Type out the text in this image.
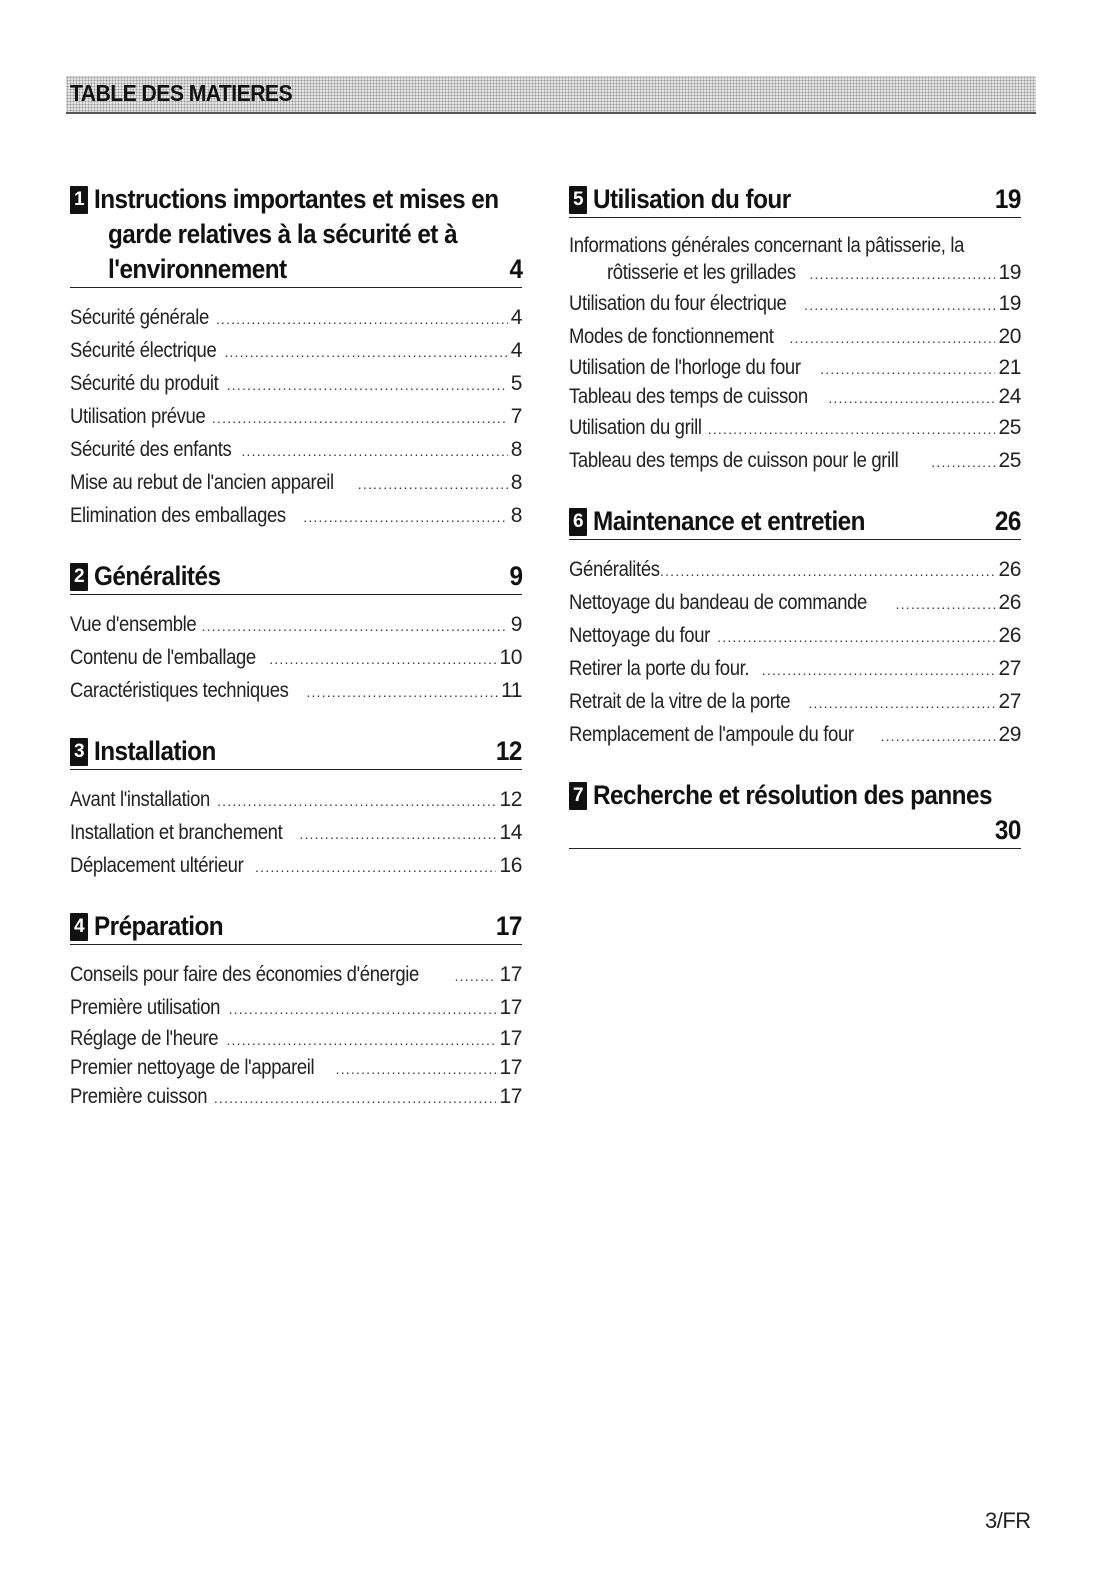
TABLE DES MATIERES
1 Instructions importantes et mises en
garde relatives à la sécurité et à
l'environnement	4
Sécurité générale .....	4
Sécurité électrique .....	4
Sécurité du produit .....	5
Utilisation prévue .....	7
Sécurité des enfants .....	8
Mise au rebut de l'ancien appareil .....	8
Elimination des emballages .....	8
2 Généralités	9
Vue d'ensemble .....	9
Contenu de l'emballage .....	10
Caractéristiques techniques .....	11
3 Installation	12
Avant l'installation .....	12
Installation et branchement .....	14
Déplacement ultérieur .....	16
4 Préparation	17
Conseils pour faire des économies d'énergie .....	17
Première utilisation .....	17
Réglage de l'heure .....	17
Premier nettoyage de l'appareil .....	17
Première cuisson .....	17
5 Utilisation du four	19
Informations générales concernant la pâtisserie, la
rôtisserie et les grillades .....	19
Utilisation du four électrique .....	19
Modes de fonctionnement .....	20
Utilisation de l'horloge du four .....	21
Tableau des temps de cuisson .....	24
Utilisation du grill .....	25
Tableau des temps de cuisson pour le grill .....	25
6 Maintenance et entretien	26
Généralités .....	26
Nettoyage du bandeau de commande .....	26
Nettoyage du four .....	26
Retirer la porte du four. .....	27
Retrait de la vitre de la porte .....	27
Remplacement de l'ampoule du four .....	29
7 Recherche et résolution des pannes
30
3/FR
